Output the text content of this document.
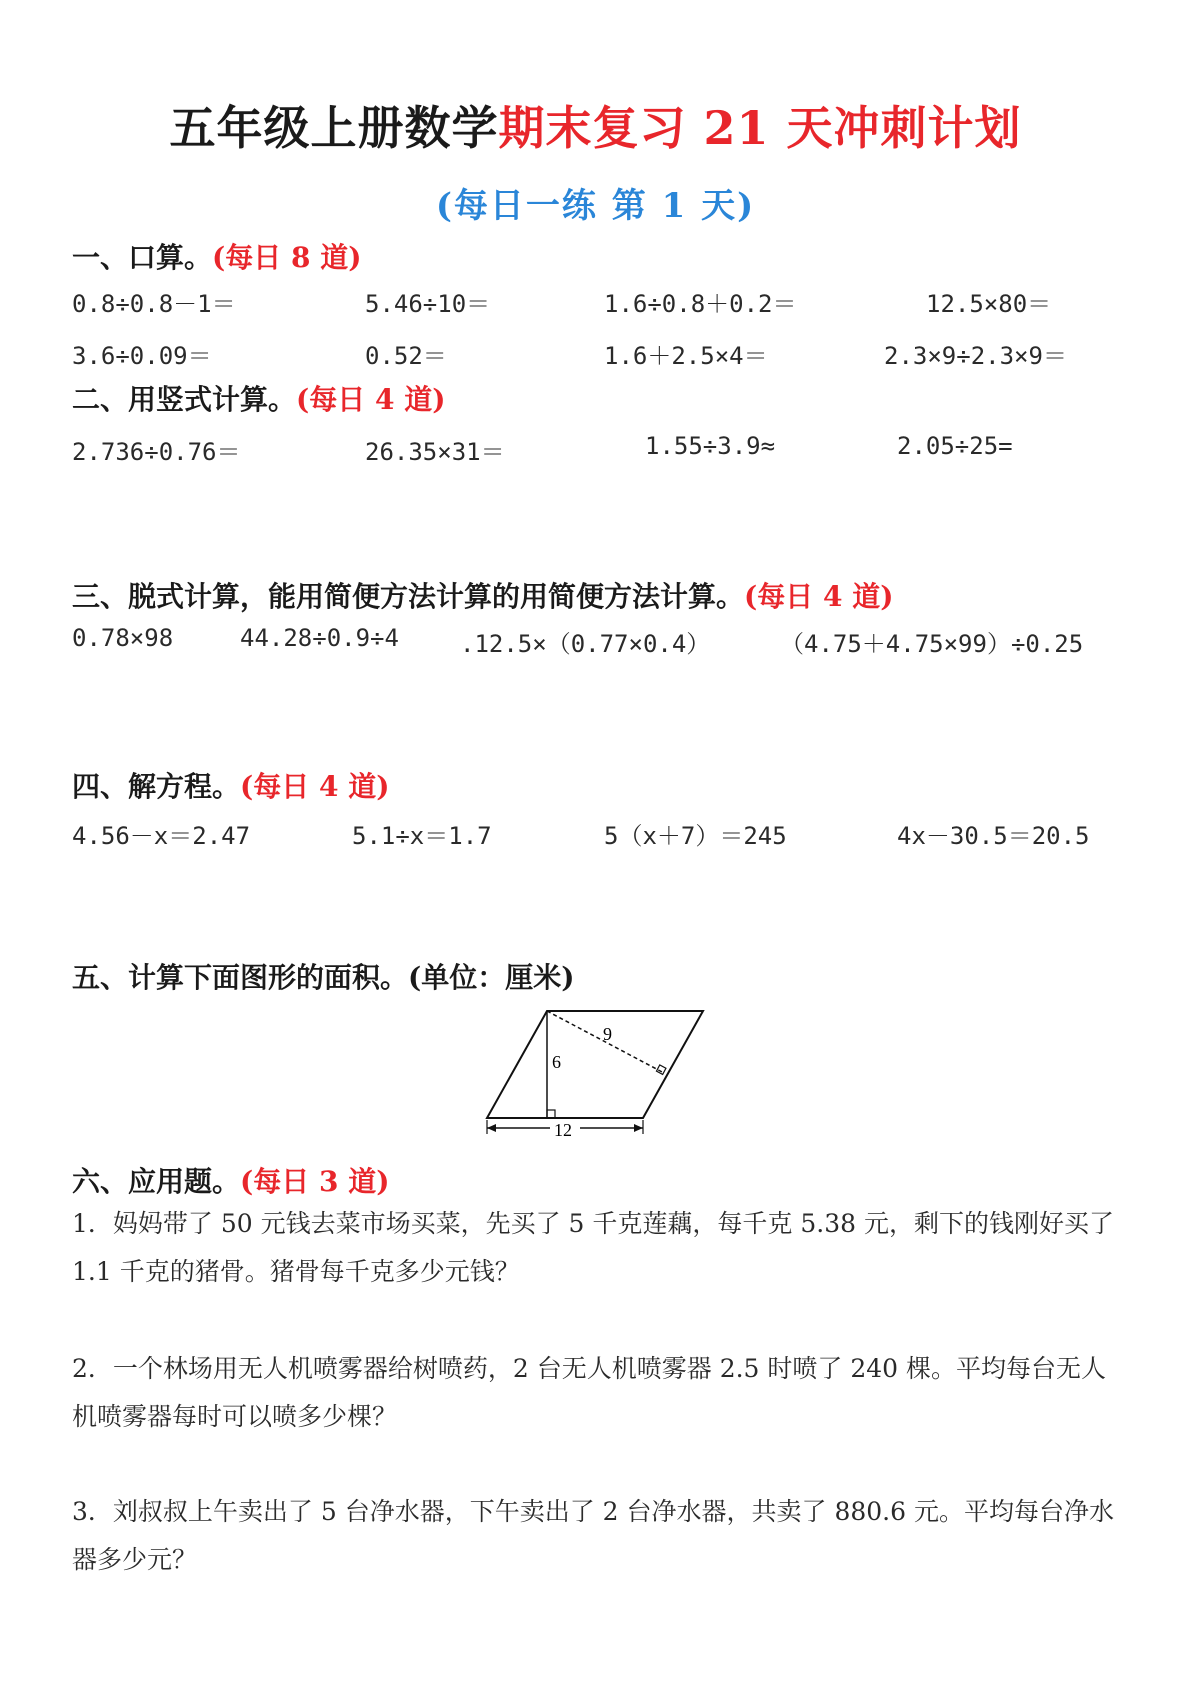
五年级上册数学期末复习 21 天冲刺计划
(每日一练 第 1 天)
一、口算。(每日 8 道)
0.8÷0.8－1＝	5.46÷10＝	1.6÷0.8＋0.2＝	12.5×80＝
3.6÷0.09＝	0.52＝	1.6＋2.5×4＝	2.3×9÷2.3×9＝
二、用竖式计算。(每日 4 道)
2.736÷0.76＝	26.35×31＝	1.55÷3.9≈	2.05÷25=
三、脱式计算，能用简便方法计算的用简便方法计算。(每日 4 道)
0.78×98	44.28÷0.9÷4	.12.5×（0.77×0.4）	（4.75＋4.75×99）÷0.25
四、解方程。(每日 4 道)
4.56－x＝2.47	5.1÷x＝1.7	5（x＋7）＝245	4x－30.5＝20.5
五、计算下面图形的面积。(单位：厘米)
9
6
12
六、应用题。(每日 3 道)
1．妈妈带了 50 元钱去菜市场买菜，先买了 5 千克莲藕，每千克 5.38 元，剩下的钱刚好买了 1.1 千克的猪骨。猪骨每千克多少元钱？
2．一个林场用无人机喷雾器给树喷药，2 台无人机喷雾器 2.5 时喷了 240 棵。平均每台无人机喷雾器每时可以喷多少棵？
3．刘叔叔上午卖出了 5 台净水器，下午卖出了 2 台净水器，共卖了 880.6 元。平均每台净水器多少元？
